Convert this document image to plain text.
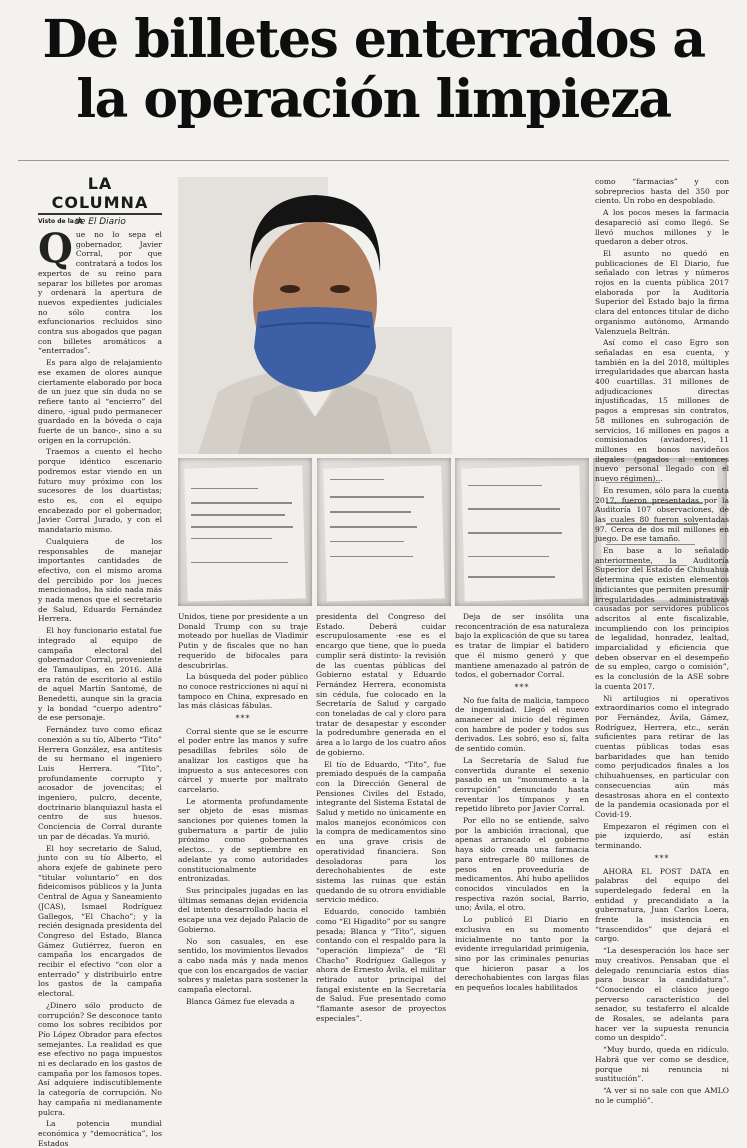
De billetes enterrados a
la operación limpieza
LA COLUMNA
de El Diario
Visto de la IA

Que no lo sepa el gobernador, Javier Corral, por que contratará a todos los expertos de su reino para separar los billetes por aromas y ordenará la apertura de nuevos expedientes judiciales no sólo contra los exfuncionarios recluidos sino contra sus abogados que pagan con billetes aromáticos a “enterrados”.

Es para algo de relajamiento ese examen de olores aunque ciertamente elaborado por boca de un juez que sin duda no se refiere tanto al “encierro” del dinero, -igual pudo permanecer guardado en la bóveda o caja fuerte de un banco-, sino a su origen en la corrupción.

Traemos a cuento el hecho porque idéntico escenario podremos estar viendo en un futuro muy próximo con los sucesores de los duartistas; esto es, con el equipo encabezado por el gobernador, Javier Corral Jurado, y con el mandatario mismo.

Cualquiera de los responsables de manejar importantes cantidades de efectivo, con el mismo aroma del percibido por los jueces mencionados, ha sido nada más y nada menos que el secretario de Salud, Eduardo Fernández Herrera.

El hoy funcionario estatal fue integrado al equipo de campaña electoral del gobernador Corral, proveniente de Tamaulipas, en 2016. Allá era ratón de escritorio al estilo de aquel Martín Santomé, de Benedetti, aunque sin la gracia y la bondad “cuerpo adentro” de ese personaje.

Fernández tuvo como eficaz conexión a su tío, Alberto “Tito” Herrera González, esa antítesis de su hermano el ingeniero Luis Herrera. “Tito”, profundamente corrupto y acosador de jovencitas; el ingeniero, pulcro, decente, doctrinario blanquiazul hasta el centro de sus huesos. Conciencia de Corral durante un par de décadas. Ya murió.

El hoy secretario de Salud, junto con su tío Alberto, el ahora exjefe de gabinete pero “titular voluntario” en dos fideicomisos públicos y la Junta Central de Agua y Saneamiento (JCAS), Ismael Rodríguez Gallegos, “El Chacho”; y la recién designada presidenta del Congreso del Estado, Blanca Gámez Gutiérrez, fueron en campaña los encargados de recibir el efectivo “con olor a enterrado” y distribuirlo entre los gastos de la campaña electoral.

¿Dinero sólo producto de corrupción? Se desconoce tanto como los sobres recibidos por Pío López Obrador para efectos semejantes. La realidad es que ese efectivo no paga impuestos ni es declarado en los gastos de campaña por los famosos topes. Así adquiere indiscutiblemente la categoría de corrupción. No hay campaña ni medianamente pulcra.

La potencia mundial económica y “democrática”, los Estados

Unidos, tiene por presidente a un Donald Trump con su traje moteado por huellas de Vladimir Putin y de fiscales que no han requerido de bifocales para descubrirlas.

La búsqueda del poder público no conoce restricciones ni aquí ni tampoco en China, expresado en las más clásicas fábulas.

***

Corral siente que se le escurre el poder entre las manos y sufre pesadillas febriles sólo de analizar los castigos que ha impuesto a sus antecesores con cárcel y muerte por maltrato carcelario.

Le atormenta profundamente ser objeto de esas mismas sanciones por quienes tomen la gubernatura a partir de julio próximo como gobernantes electos... y de septiembre en adelante ya como autoridades constitucionalmente entronizadas.

Sus principales jugadas en las últimas semanas dejan evidencia del intento desarrollado hacia el escape una vez dejado Palacio de Gobierno.

No son casuales, en ese sentido, los movimientos llevados a cabo nada más y nada menos que con los encargados de vaciar sobres y maletas para sostener la campaña electoral.

Blanca Gámez fue elevada a

presidenta del Congreso del Estado. Deberá cuidar escrupulosamente -ese es el encargo que tiene, que lo pueda cumplir será distinto- la revisión de las cuentas públicas del Gobierno estatal y Eduardo Fernández Herrera, economista sin cédula, fue colocado en la Secretaría de Salud y cargado con toneladas de cal y cloro para tratar de desapestar y esconder la podredumbre generada en el área a lo largo de los cuatro años de gobierno.

El tío de Eduardo, “Tito”, fue premiado después de la campaña con la Dirección General de Pensiones Civiles del Estado, integrante del Sistema Estatal de Salud y metido no únicamente en malos manejos económicos con la compra de medicamentos sino en una grave crisis de operatividad financiera. Son desoladoras para los derechohabientes de este sistema las ruinas que están quedando de su otrora envidiable servicio médico.

Eduardo, conocido también como “El Higadito” por su sangre pesada; Blanca y “Tito”, siguen contando con el respaldo para la “operación limpieza” de “El Chacho” Rodríguez Gallegos y ahora de Ernesto Ávila, el militar retirado autor principal del fangal existente en la Secretaría de Salud. Fue presentado como “flamante asesor de proyectos especiales”.

Deja de ser insólita una reconcentración de esa naturaleza bajo la explicación de que su tarea es tratar de limpiar el batidero que él mismo generó y que mantiene amenazado al patrón de todos, el gobernador Corral.

***

No fue falta de malicia, tampoco de ingenuidad. Llegó el nuevo amanecer al inicio del régimen con hambre de poder y todos sus derivados. Les sobró, eso sí, falta de sentido común.

La Secretaría de Salud fue convertida durante el sexenio pasado en un “monumento a la corrupción” denunciado hasta reventar los tímpanos y en repetido libreto por Javier Corral.

Por ello no se entiende, salvo por la ambición irracional, que apenas arrancado el gobierno haya sido creada una farmacia para entregarle 80 millones de pesos en proveeduría de medicamentos. Ahí hubo apellidos conocidos vinculados en la respectiva razón social, Barrio, uno; Ávila, el otro.

Lo publicó El Diario en exclusiva en su momento inicialmente no tanto por la evidente irregularidad primigenia, sino por las criminales penurias que hicieron pasar a los derechohabientes con largas filas en pequeños locales habilitados

como “farmacias” y con sobreprecios hasta del 350 por ciento. Un robo en despoblado.

A los pocos meses la farmacia desapareció así como llegó. Se llevó muchos millones y le quedaron a deber otros.

El asunto no quedó en publicaciones de El Diario, fue señalado con letras y números rojos en la cuenta pública 2017 elaborada por la Auditoría Superior del Estado bajo la firma clara del entonces titular de dicho organismo autónomo, Armando Valenzuela Beltrán.

Así como el caso Egro son señaladas en esa cuenta, y también en la del 2018, múltiples irregularidades que abarcan hasta 400 cuartillas. 31 millones de adjudicaciones directas injustificadas, 15 millones de pagos a empresas sin contratos, 58 millones en subrogación de servicios, 16 millones en pagos a comisionados (aviadores), 11 millones en bonos navideños ilegales (pagados al entonces nuevo personal llegado con el nuevo régimen)...

En resumen, sólo para la cuenta 2017, fueron presentadas por la Auditoría 107 observaciones, de las cuales 80 fueron solventadas 97. Cerca de dos mil millones en juego. De ese tamaño.

En base a lo señalado anteriormente, la Auditoría Superior del Estado de Chihuahua determina que existen elementos indiciantes que permiten presumir irregularidades administrativas causadas por servidores públicos adscritos al ente fiscalizable, incumpliendo con los principios de legalidad, honradez, lealtad, imparcialidad y eficiencia que deben observar en el desempeño de su empleo, cargo o comisión”, es la conclusión de la ASE sobre la cuenta 2017.

Ni artilugios ni operativos extraordinarios como el integrado por Fernández, Ávila, Gámez, Rodríguez, Herrera, etc., serán suficientes para retirar de las cuentas públicas todas esas barbaridades que han tenido como perjudicados finales a los chihuahuenses, en particular con consecuencias aún más desastrosas ahora en el contexto de la pandemia ocasionada por el Covid-19.

Empezaron el régimen con el pie izquierdo, así están terminando.

***

AHORA EL POST DATA en palabras del equipo del superdelegado federal en la entidad y precandidato a la gubernatura, Juan Carlos Loera, frente la insistencia en “trascendidos” que dejará el cargo.

“La desesperación los hace ser muy creativos. Pensaban que el delegado renunciaría estos días para buscar la candidatura”. “Conociendo el clásico juego perverso característico del senador, su testaferro el alcalde de Rosales, se adelanta para hacer ver la supuesta renuncia como un despido”.

“Muy burdo, queda en ridículo. Habrá que ver como se desdice, porque ni renuncia ni sustitución”.

“A ver si no sale con que AMLO no le cumplió”.
